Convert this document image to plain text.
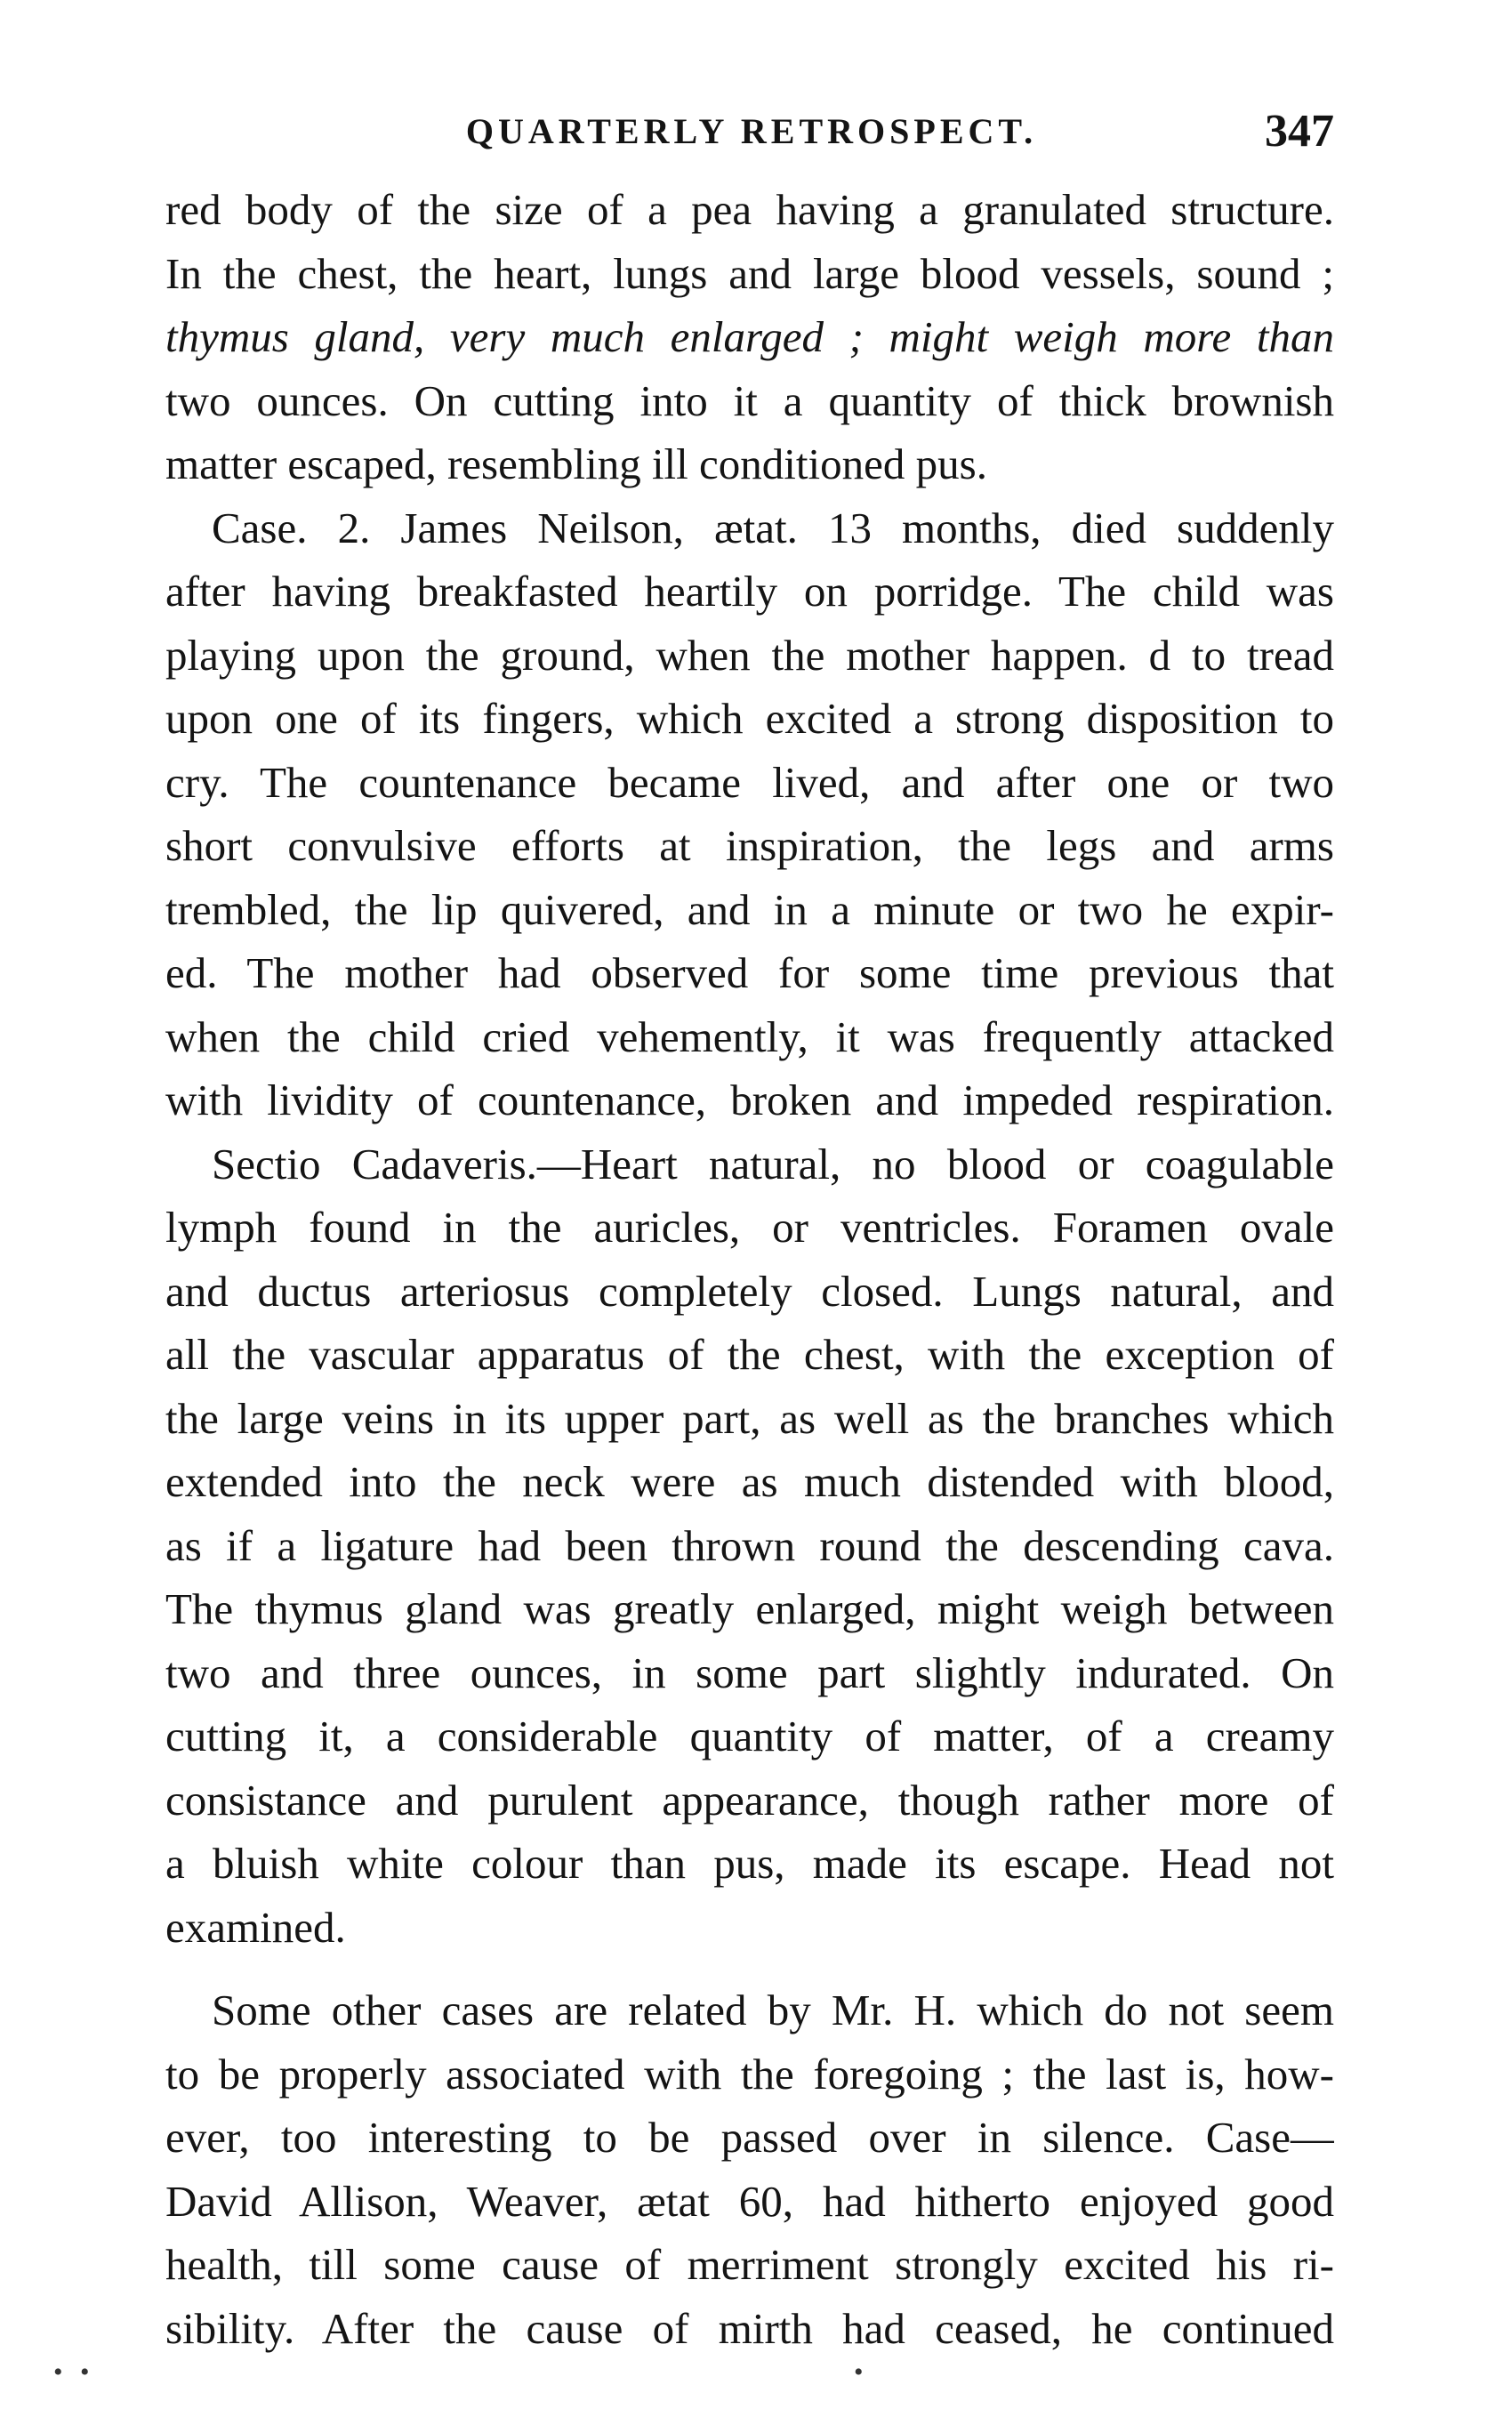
QUARTERLY RETROSPECT.	347
red body of the size of a pea having a granulated structure.
In the chest, the heart, lungs and large blood vessels, sound ;
thymus gland, very much enlarged ; might weigh more than
two ounces. On cutting into it a quantity of thick brownish
matter escaped, resembling ill conditioned pus.
Case. 2. James Neilson, ætat. 13 months, died suddenly
after having breakfasted heartily on porridge. The child was
playing upon the ground, when the mother happen. d to tread
upon one of its fingers, which excited a strong disposition to
cry. The countenance became lived, and after one or two
short convulsive efforts at inspiration, the legs and arms
trembled, the lip quivered, and in a minute or two he expir-
ed. The mother had observed for some time previous that
when the child cried vehemently, it was frequently attacked
with lividity of countenance, broken and impeded respiration.
Sectio Cadaveris.—Heart natural, no blood or coagulable
lymph found in the auricles, or ventricles. Foramen ovale
and ductus arteriosus completely closed. Lungs natural, and
all the vascular apparatus of the chest, with the exception of
the large veins in its upper part, as well as the branches which
extended into the neck were as much distended with blood,
as if a ligature had been thrown round the descending cava.
The thymus gland was greatly enlarged, might weigh between
two and three ounces, in some part slightly indurated. On
cutting it, a considerable quantity of matter, of a creamy
consistance and purulent appearance, though rather more of
a bluish white colour than pus, made its escape. Head not
examined.
Some other cases are related by Mr. H. which do not seem
to be properly associated with the foregoing ; the last is, how-
ever, too interesting to be passed over in silence. Case—
David Allison, Weaver, ætat 60, had hitherto enjoyed good
health, till some cause of merriment strongly excited his ri-
sibility. After the cause of mirth had ceased, he continued
• •	•
